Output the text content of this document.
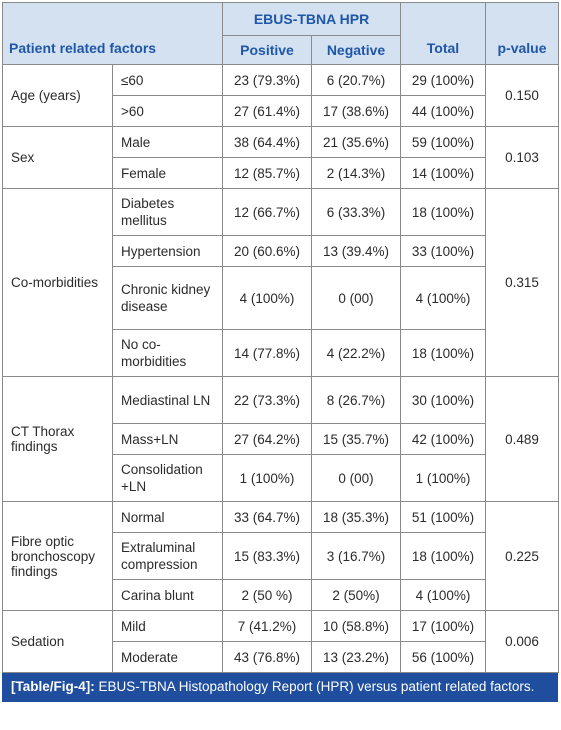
Patient related factors		EBUS-TBNA HPR		Total	p-value
		Positive	Negative		
Age (years)	≤60	23 (79.3%)	6 (20.7%)	29 (100%)	0.150
	>60	27 (61.4%)	17 (38.6%)	44 (100%)	
Sex	Male	38 (64.4%)	21 (35.6%)	59 (100%)	0.103
	Female	12 (85.7%)	2 (14.3%)	14 (100%)	
Co-morbidities	Diabetes mellitus	12 (66.7%)	6 (33.3%)	18 (100%)	0.315
	Hypertension	20 (60.6%)	13 (39.4%)	33 (100%)	
	Chronic kidney disease	4 (100%)	0 (00)	4 (100%)	
	No co-morbidities	14 (77.8%)	4 (22.2%)	18 (100%)	
CT Thorax findings	Mediastinal LN	22 (73.3%)	8 (26.7%)	30 (100%)	0.489
	Mass+LN	27 (64.2%)	15 (35.7%)	42 (100%)	
	Consolidation +LN	1 (100%)	0 (00)	1 (100%)	
Fibre optic bronchoscopy findings	Normal	33 (64.7%)	18 (35.3%)	51 (100%)	0.225
	Extraluminal compression	15 (83.3%)	3 (16.7%)	18 (100%)	
	Carina blunt	2 (50 %)	2 (50%)	4 (100%)	
Sedation	Mild	7 (41.2%)	10 (58.8%)	17 (100%)	0.006
	Moderate	43 (76.8%)	13 (23.2%)	56 (100%)	
[Table/Fig-4]: EBUS-TBNA Histopathology Report (HPR) versus patient related factors.
